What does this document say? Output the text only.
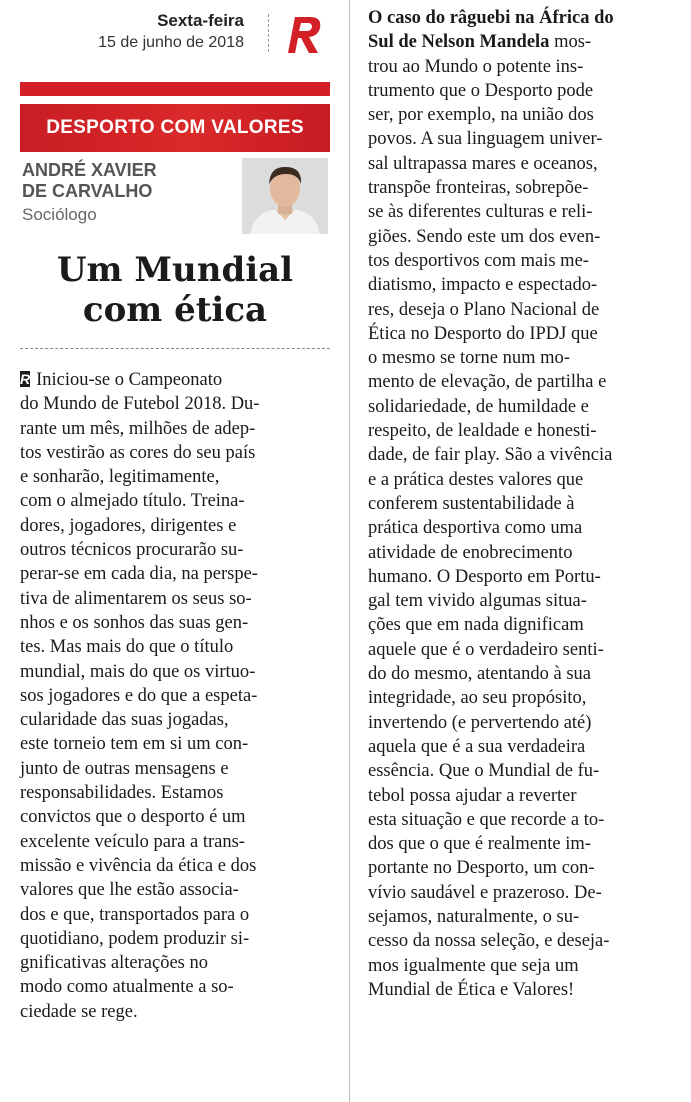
Sexta-feira
15 de junho de 2018
DESPORTO COM VALORES
ANDRÉ XAVIER
DE CARVALHO
Sociólogo
Um Mundial
com ética
R Iniciou-se o Campeonato
do Mundo de Futebol 2018. Du-
rante um mês, milhões de adep-
tos vestirão as cores do seu país
e sonharão, legitimamente,
com o almejado título. Treina-
dores, jogadores, dirigentes e
outros técnicos procurarão su-
perar-se em cada dia, na perspe-
tiva de alimentarem os seus so-
nhos e os sonhos das suas gen-
tes. Mas mais do que o título
mundial, mais do que os virtuo-
sos jogadores e do que a espeta-
cularidade das suas jogadas,
este torneio tem em si um con-
junto de outras mensagens e
responsabilidades. Estamos
convictos que o desporto é um
excelente veículo para a trans-
missão e vivência da ética e dos
valores que lhe estão associa-
dos e que, transportados para o
quotidiano, podem produzir si-
gnificativas alterações no
modo como atualmente a so-
ciedade se rege.
O caso do râguebi na África do
Sul de Nelson Mandela mos-
trou ao Mundo o potente ins-
trumento que o Desporto pode
ser, por exemplo, na união dos
povos. A sua linguagem univer-
sal ultrapassa mares e oceanos,
transpõe fronteiras, sobrepõe-
se às diferentes culturas e reli-
giões. Sendo este um dos even-
tos desportivos com mais me-
diatismo, impacto e espectado-
res, deseja o Plano Nacional de
Ética no Desporto do IPDJ que
o mesmo se torne num mo-
mento de elevação, de partilha e
solidariedade, de humildade e
respeito, de lealdade e honesti-
dade, de fair play. São a vivência
e a prática destes valores que
conferem sustentabilidade à
prática desportiva como uma
atividade de enobrecimento
humano. O Desporto em Portu-
gal tem vivido algumas situa-
ções que em nada dignificam
aquele que é o verdadeiro senti-
do do mesmo, atentando à sua
integridade, ao seu propósito,
invertendo (e pervertendo até)
aquela que é a sua verdadeira
essência. Que o Mundial de fu-
tebol possa ajudar a reverter
esta situação e que recorde a to-
dos que o que é realmente im-
portante no Desporto, um con-
vívio saudável e prazeroso. De-
sejamos, naturalmente, o su-
cesso da nossa seleção, e deseja-
mos igualmente que seja um
Mundial de Ética e Valores!
